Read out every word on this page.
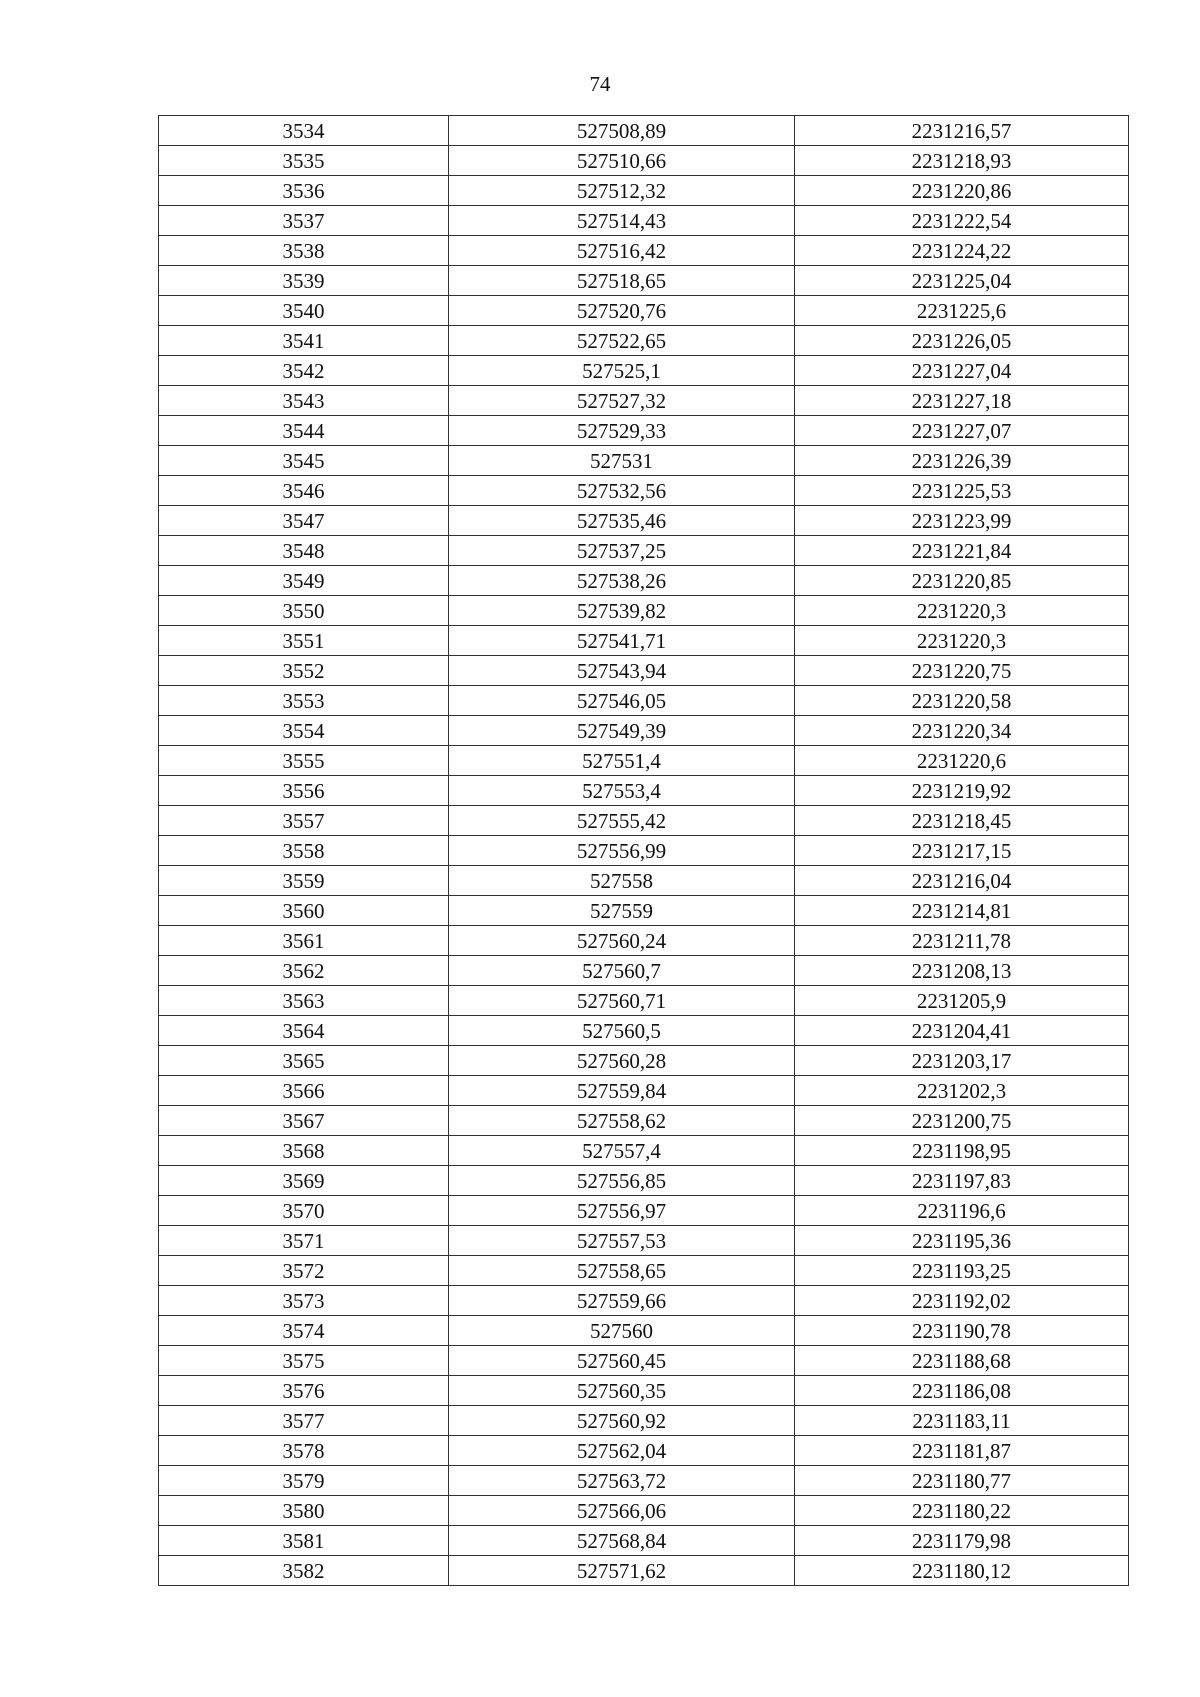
74
3534	527508,89	2231216,57
3535	527510,66	2231218,93
3536	527512,32	2231220,86
3537	527514,43	2231222,54
3538	527516,42	2231224,22
3539	527518,65	2231225,04
3540	527520,76	2231225,6
3541	527522,65	2231226,05
3542	527525,1	2231227,04
3543	527527,32	2231227,18
3544	527529,33	2231227,07
3545	527531	2231226,39
3546	527532,56	2231225,53
3547	527535,46	2231223,99
3548	527537,25	2231221,84
3549	527538,26	2231220,85
3550	527539,82	2231220,3
3551	527541,71	2231220,3
3552	527543,94	2231220,75
3553	527546,05	2231220,58
3554	527549,39	2231220,34
3555	527551,4	2231220,6
3556	527553,4	2231219,92
3557	527555,42	2231218,45
3558	527556,99	2231217,15
3559	527558	2231216,04
3560	527559	2231214,81
3561	527560,24	2231211,78
3562	527560,7	2231208,13
3563	527560,71	2231205,9
3564	527560,5	2231204,41
3565	527560,28	2231203,17
3566	527559,84	2231202,3
3567	527558,62	2231200,75
3568	527557,4	2231198,95
3569	527556,85	2231197,83
3570	527556,97	2231196,6
3571	527557,53	2231195,36
3572	527558,65	2231193,25
3573	527559,66	2231192,02
3574	527560	2231190,78
3575	527560,45	2231188,68
3576	527560,35	2231186,08
3577	527560,92	2231183,11
3578	527562,04	2231181,87
3579	527563,72	2231180,77
3580	527566,06	2231180,22
3581	527568,84	2231179,98
3582	527571,62	2231180,12
